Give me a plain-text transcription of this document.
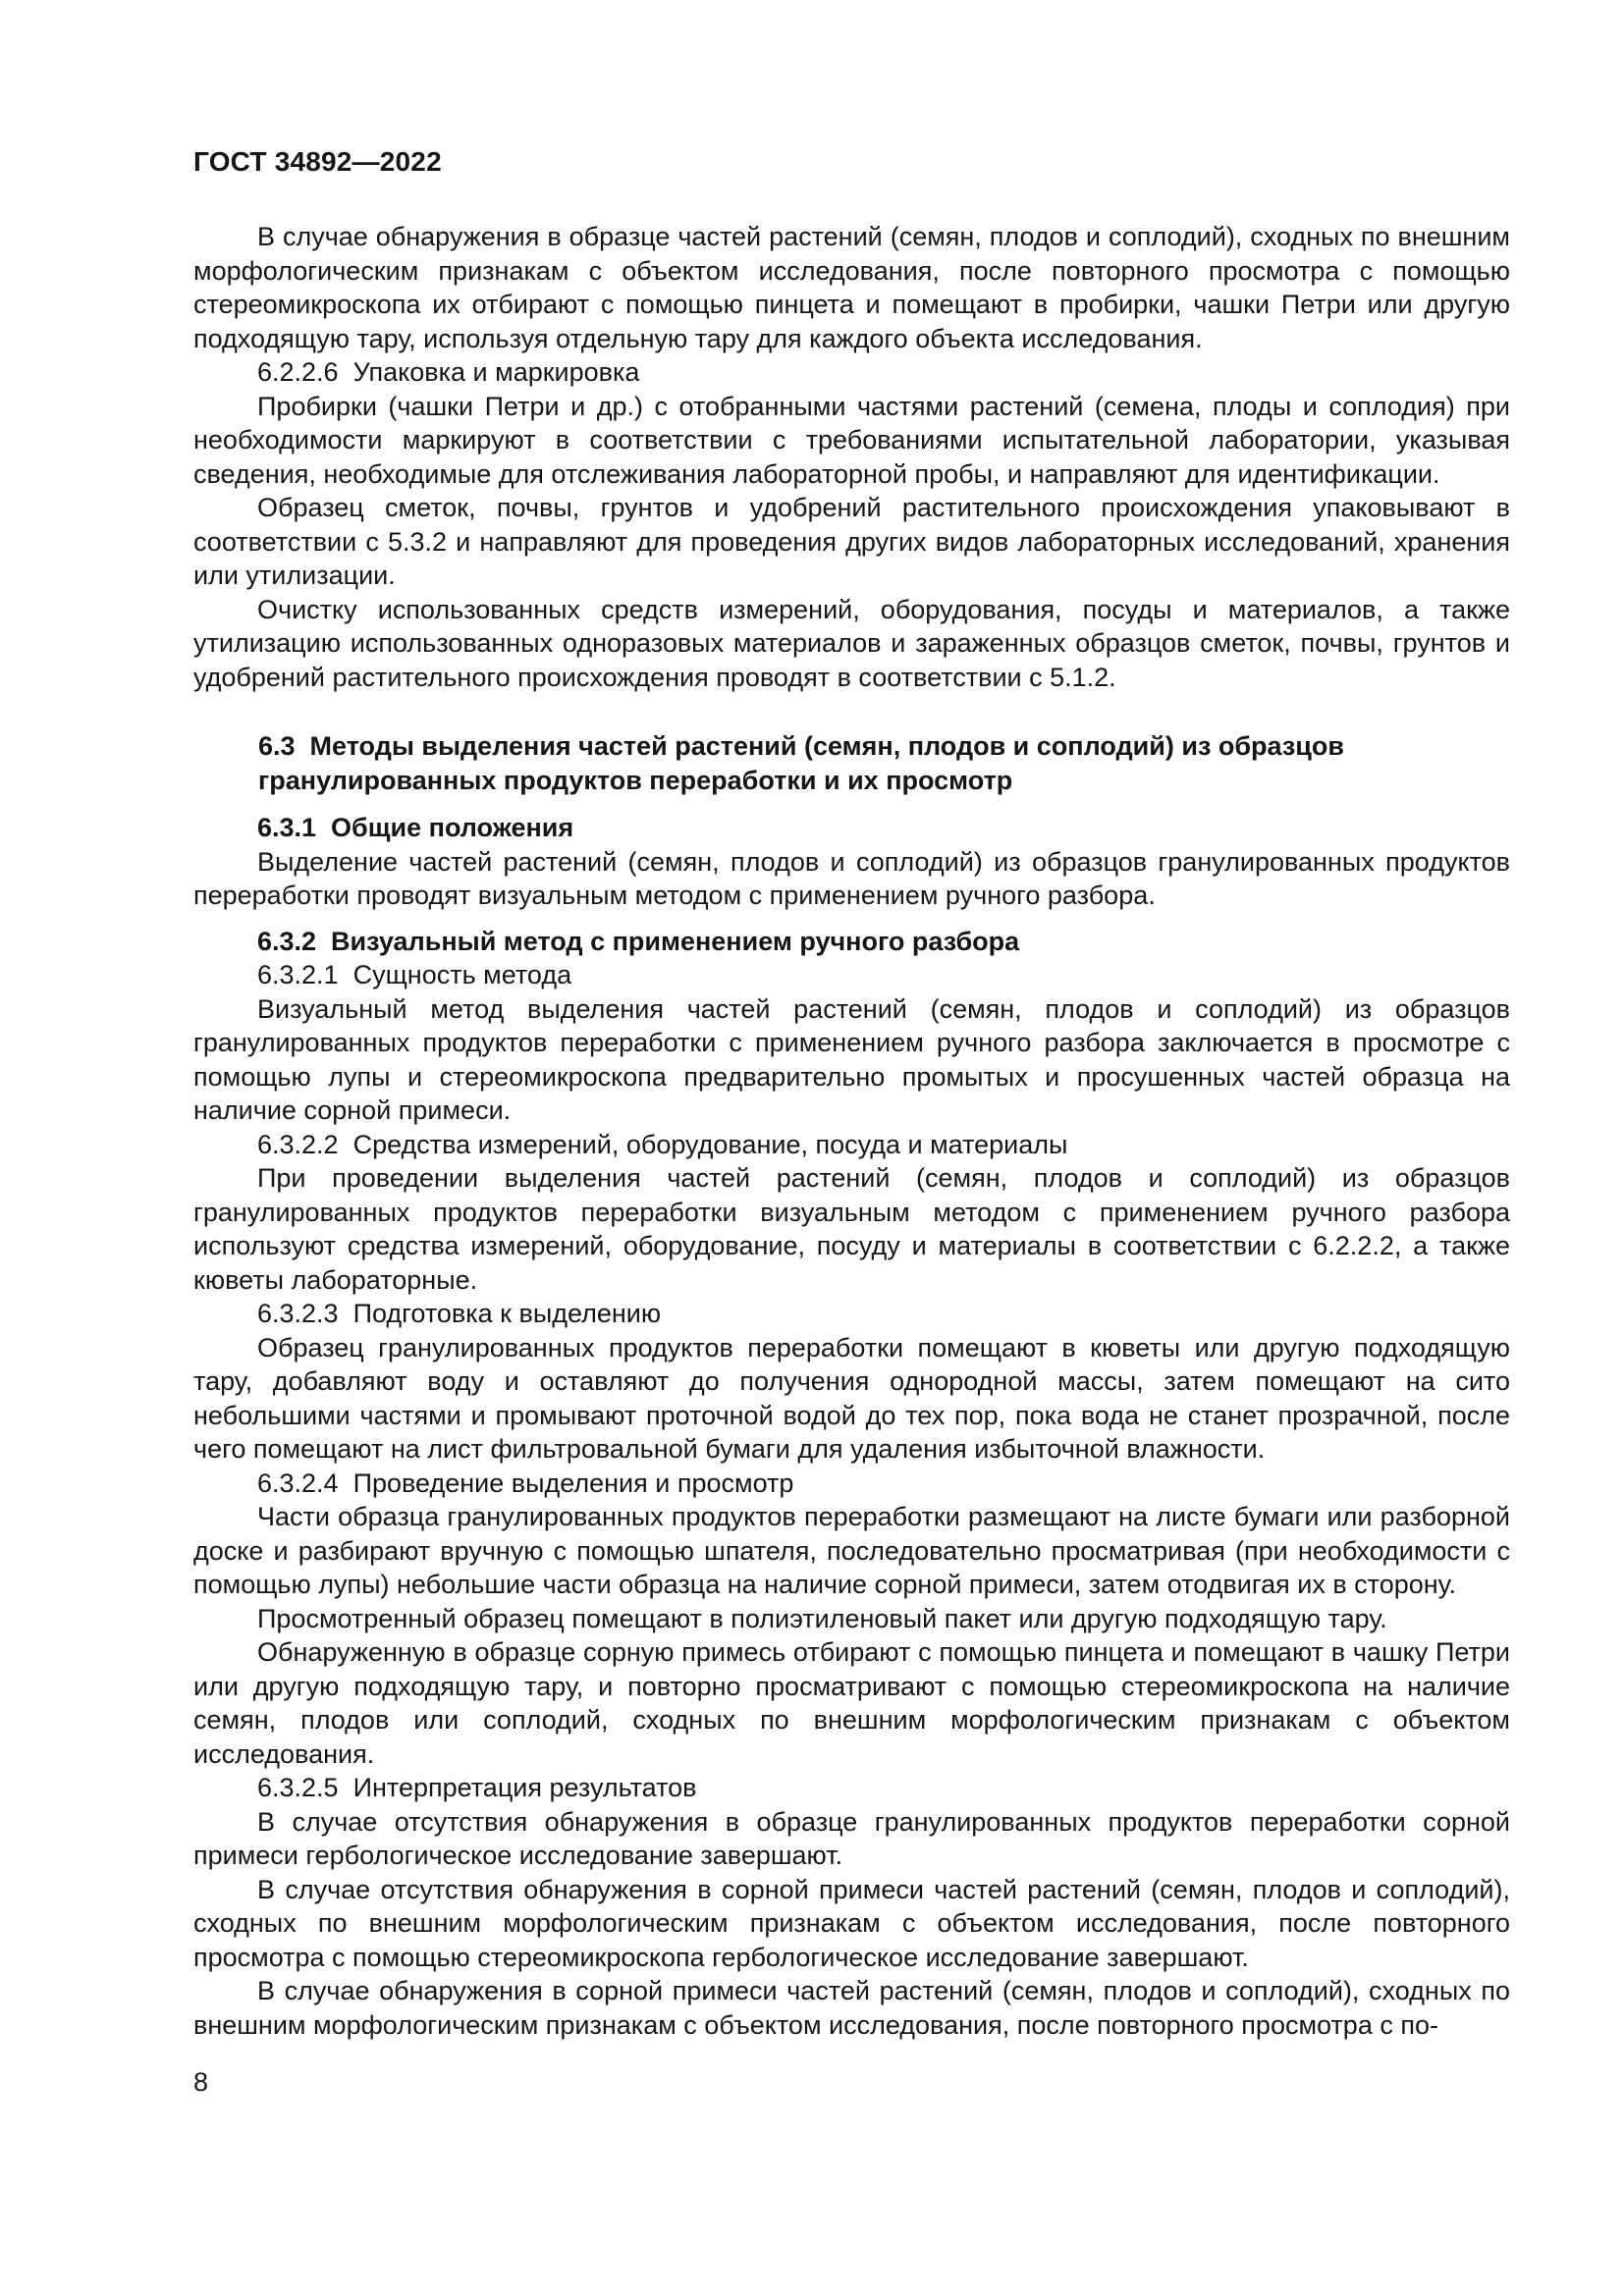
ГОСТ 34892—2022

В случае обнаружения в образце частей растений (семян, плодов и соплодий), сходных по внешним морфологическим признакам с объектом исследования, после повторного просмотра с помощью стереомикроскопа их отбирают с помощью пинцета и помещают в пробирки, чашки Петри или другую подходящую тару, используя отдельную тару для каждого объекта исследования.

6.2.2.6  Упаковка и маркировка

Пробирки (чашки Петри и др.) с отобранными частями растений (семена, плоды и соплодия) при необходимости маркируют в соответствии с требованиями испытательной лаборатории, указывая сведения, необходимые для отслеживания лабораторной пробы, и направляют для идентификации.

Образец сметок, почвы, грунтов и удобрений растительного происхождения упаковывают в соответствии с 5.3.2 и направляют для проведения других видов лабораторных исследований, хранения или утилизации.

Очистку использованных средств измерений, оборудования, посуды и материалов, а также утилизацию использованных одноразовых материалов и зараженных образцов сметок, почвы, грунтов и удобрений растительного происхождения проводят в соответствии с 5.1.2.

6.3  Методы выделения частей растений (семян, плодов и соплодий) из образцов гранулированных продуктов переработки и их просмотр

6.3.1  Общие положения

Выделение частей растений (семян, плодов и соплодий) из образцов гранулированных продуктов переработки проводят визуальным методом с применением ручного разбора.

6.3.2  Визуальный метод с применением ручного разбора

6.3.2.1  Сущность метода

Визуальный метод выделения частей растений (семян, плодов и соплодий) из образцов гранулированных продуктов переработки с применением ручного разбора заключается в просмотре с помощью лупы и стереомикроскопа предварительно промытых и просушенных частей образца на наличие сорной примеси.

6.3.2.2  Средства измерений, оборудование, посуда и материалы

При проведении выделения частей растений (семян, плодов и соплодий) из образцов гранулированных продуктов переработки визуальным методом с применением ручного разбора используют средства измерений, оборудование, посуду и материалы в соответствии с 6.2.2.2, а также кюветы лабораторные.

6.3.2.3  Подготовка к выделению

Образец гранулированных продуктов переработки помещают в кюветы или другую подходящую тару, добавляют воду и оставляют до получения однородной массы, затем помещают на сито небольшими частями и промывают проточной водой до тех пор, пока вода не станет прозрачной, после чего помещают на лист фильтровальной бумаги для удаления избыточной влажности.

6.3.2.4  Проведение выделения и просмотр

Части образца гранулированных продуктов переработки размещают на листе бумаги или разборной доске и разбирают вручную с помощью шпателя, последовательно просматривая (при необходимости с помощью лупы) небольшие части образца на наличие сорной примеси, затем отодвигая их в сторону.

Просмотренный образец помещают в полиэтиленовый пакет или другую подходящую тару.

Обнаруженную в образце сорную примесь отбирают с помощью пинцета и помещают в чашку Петри или другую подходящую тару, и повторно просматривают с помощью стереомикроскопа на наличие семян, плодов или соплодий, сходных по внешним морфологическим признакам с объектом исследования.

6.3.2.5  Интерпретация результатов

В случае отсутствия обнаружения в образце гранулированных продуктов переработки сорной примеси гербологическое исследование завершают.

В случае отсутствия обнаружения в сорной примеси частей растений (семян, плодов и соплодий), сходных по внешним морфологическим признакам с объектом исследования, после повторного просмотра с помощью стереомикроскопа гербологическое исследование завершают.

В случае обнаружения в сорной примеси частей растений (семян, плодов и соплодий), сходных по внешним морфологическим признакам с объектом исследования, после повторного просмотра с по-

8
